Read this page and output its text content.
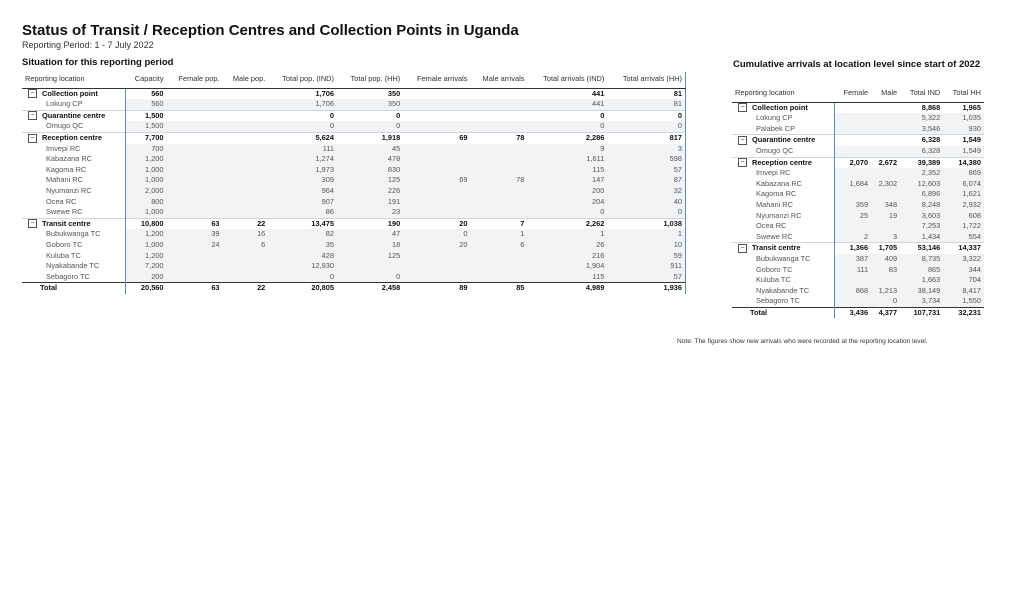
Status of Transit / Reception Centres and Collection Points in Uganda
Reporting Period: 1 - 7 July 2022
Situation for this reporting period	Cumulative arrivals at location level since start of 2022
Reporting location	Capacity	Female pop.	Male pop.	Total pop. (IND)	Total pop. (HH)	Female arrivals	Male arrivals	Total arrivals (IND)	Total arrivals (HH)
− Collection point	560			1,706	350			441	81
Lokung CP	560			1,706	350			441	81
− Quarantine centre	1,500			0	0			0	0
Omugo QC	1,500			0	0			0	0
− Reception centre	7,700			5,624	1,918	69	78	2,286	817
Imvepi RC	700			111	45			9	3
Kabazana RC	1,200			1,274	478			1,611	598
Kagoma RC	1,000			1,973	830			115	57
Mahani RC	1,000			309	125	69	78	147	87
Nyumanzi RC	2,000			964	226			200	32
Ocea RC	800			907	191			204	40
Swewe RC	1,000			86	23			0	0
− Transit centre	10,800	63	22	13,475	190	20	7	2,262	1,038
Bubukwanga TC	1,200	39	16	82	47	0	1	1	1
Goboro TC	1,000	24	6	35	18	20	6	26	10
Kuluba TC	1,200			428	125			216	59
Nyakabande TC	7,200			12,930				1,904	911
Sebagoro TC	200			0	0			115	57
Total	20,560	63	22	20,805	2,458	89	85	4,989	1,936
Reporting location	Female	Male	Total IND	Total HH
− Collection point			8,868	1,965
Lokung CP			5,322	1,035
Palabek CP			3,546	930
− Quarantine centre			6,328	1,549
Omugo QC			6,328	1,549
− Reception centre	2,070	2,672	39,389	14,380
Imvepi RC			2,352	869
Kabazana RC	1,684	2,302	12,603	6,074
Kagoma RC			6,896	1,621
Mahani RC	359	348	8,248	2,932
Nyumanzi RC	25	19	3,603	608
Ocea RC			7,253	1,722
Swewe RC	2	3	1,434	554
− Transit centre	1,366	1,705	53,146	14,337
Bubukwanga TC	387	409	8,735	3,322
Goboro TC	111	83	865	344
Kuluba TC			1,663	704
Nyakabande TC	868	1,213	38,149	8,417
Sebagoro TC		0	3,734	1,550
Total	3,436	4,377	107,731	32,231
Note: The figures show new arrivals who were recorded at the reporting location level.
